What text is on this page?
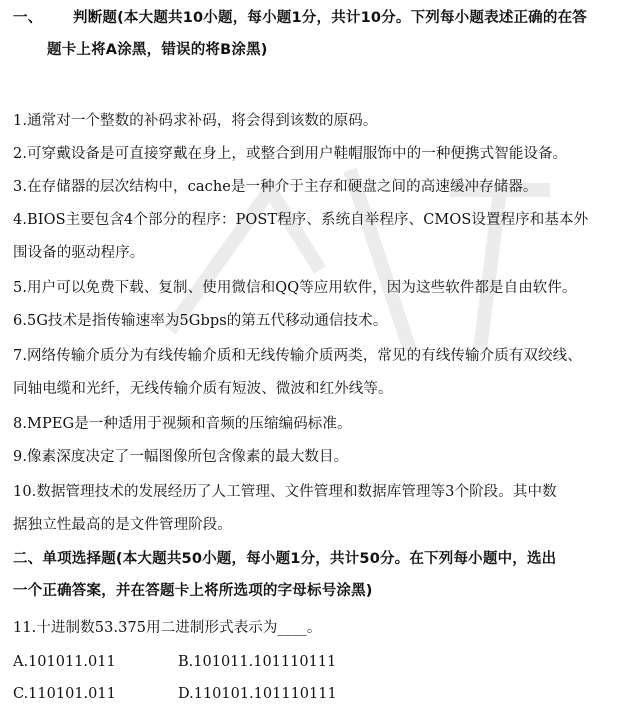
一、 判断题(本大题共10小题，每小题1分，共计10分。下列每小题表述正确的在答
题卡上将A涂黑，错误的将B涂黑)
1.通常对一个整数的补码求补码，将会得到该数的原码。
2.可穿戴设备是可直接穿戴在身上，或整合到用户鞋帽服饰中的一种便携式智能设备。
3.在存储器的层次结构中，cache是一种介于主存和硬盘之间的高速缓冲存储器。
4.BIOS主要包含4个部分的程序：POST程序、系统自举程序、CMOS设置程序和基本外
围设备的驱动程序。
5.用户可以免费下载、复制、使用微信和QQ等应用软件，因为这些软件都是自由软件。
6.5G技术是指传输速率为5Gbps的第五代移动通信技术。
7.网络传输介质分为有线传输介质和无线传输介质两类，常见的有线传输介质有双绞线、
同轴电缆和光纤，无线传输介质有短波、微波和红外线等。
8.MPEG是一种适用于视频和音频的压缩编码标准。
9.像素深度决定了一幅图像所包含像素的最大数目。
10.数据管理技术的发展经历了人工管理、文件管理和数据库管理等3个阶段。其中数
据独立性最高的是文件管理阶段。
二、单项选择题(本大题共50小题，每小题1分，共计50分。在下列每小题中，选出
一个正确答案，并在答题卡上将所选项的字母标号涂黑)
11.十进制数53.375用二进制形式表示为____。
A.101011.011	B.101011.101110111
C.110101.011	D.110101.101110111
